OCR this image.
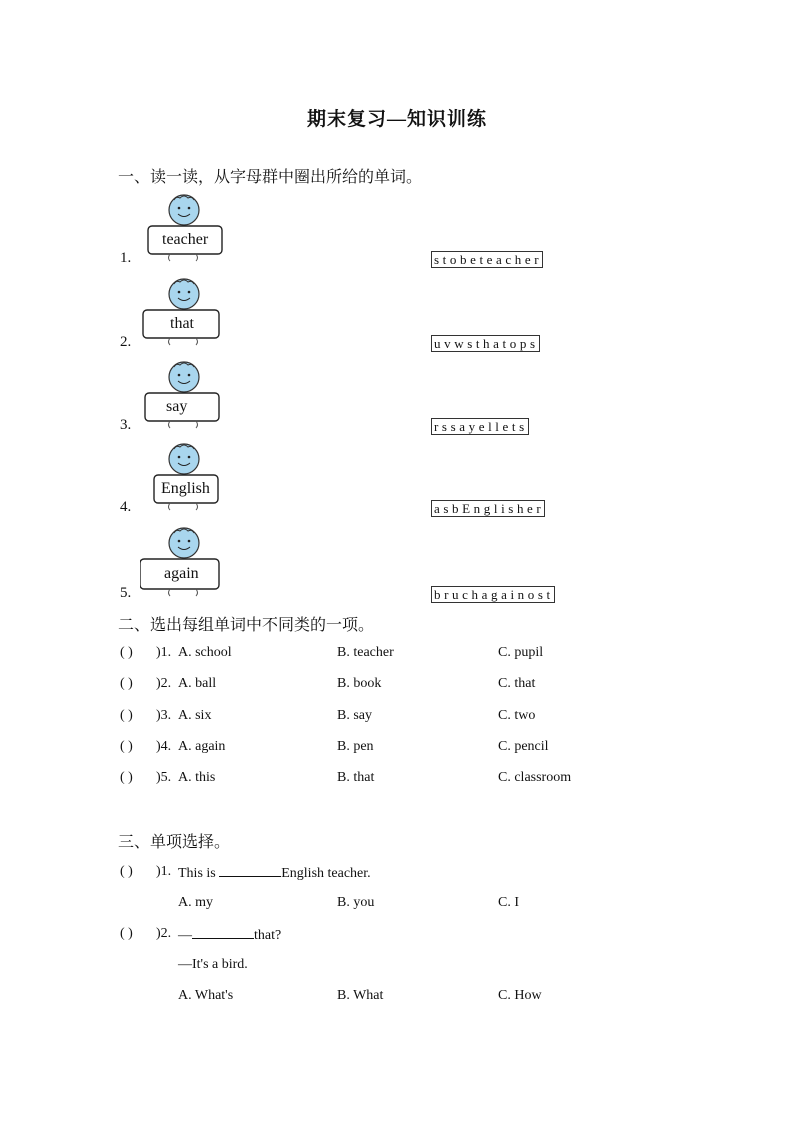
期末复习—知识训练
一、读一读，从字母群中圈出所给的单词。
teacher
1.	stobeteacher
that
2.	uvwsthatops
say
3.	rssayellets
English
4.	asbEnglisher
again
5.	bruchagainost
二、选出每组单词中不同类的一项。
( ) )1. A. school	B. teacher	C. pupil
( ) )2. A. ball	B. book	C. that
( ) )3. A. six	B. say	C. two
( ) )4. A. again	B. pen	C. pencil
( ) )5. A. this	B. that	C. classroom
三、单项选择。
( ) )1. This is	English teacher.
A. my	B. you	C. I
( ) )2. —	that?
—It's a bird.
A. What's	B. What	C. How
